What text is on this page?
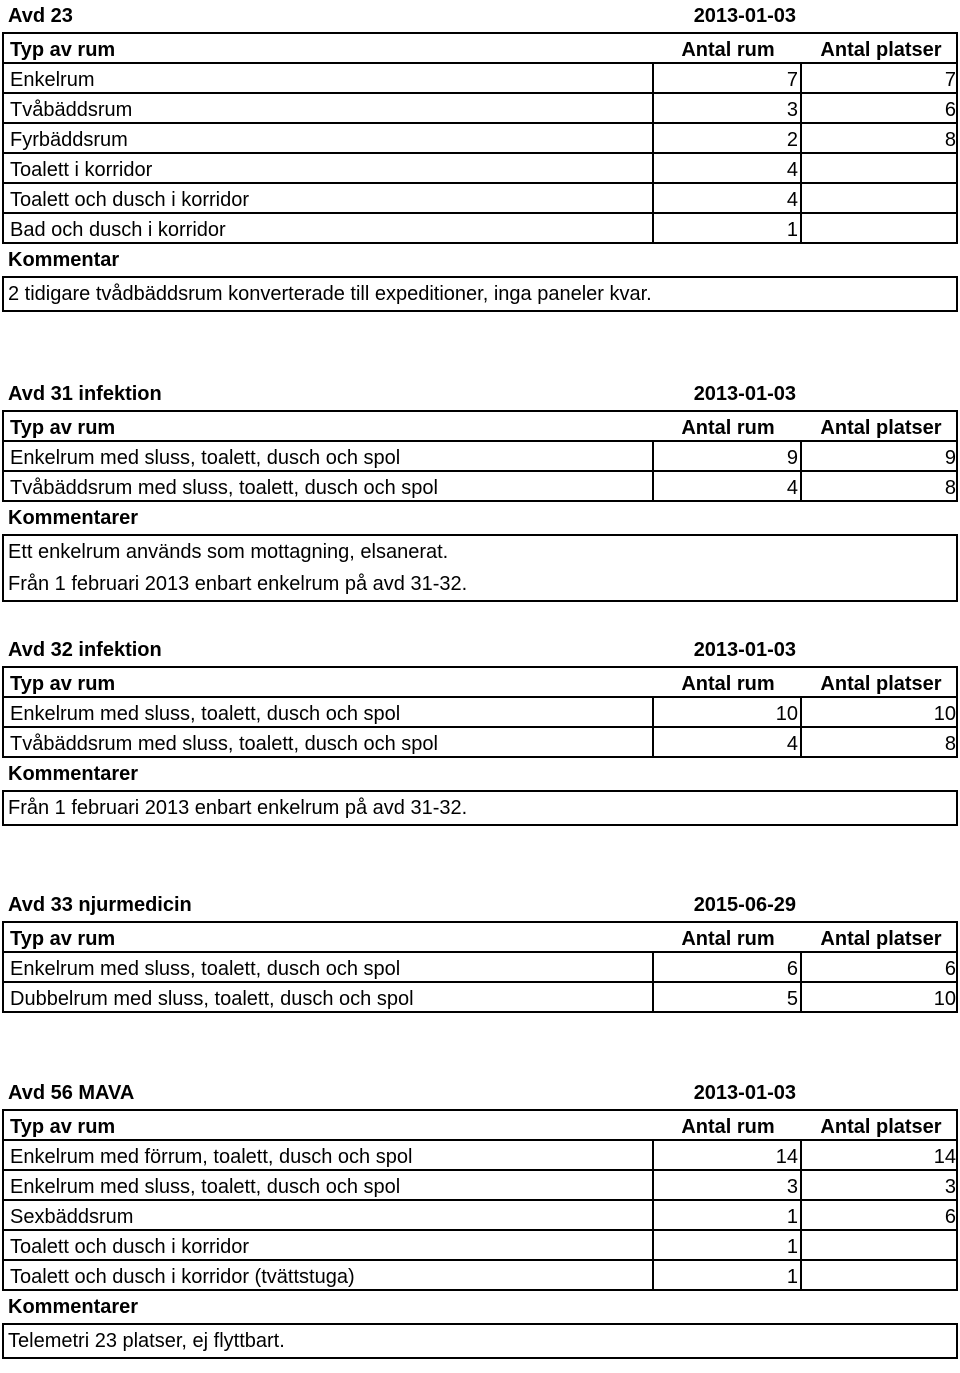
Avd 23	2013-01-03
Typ av rum	Antal rum	Antal platser
Enkelrum	7	7
Tvåbäddsrum	3	6
Fyrbäddsrum	2	8
Toalett i korridor	4
Toalett och dusch i korridor	4
Bad och dusch i korridor	1
Kommentar
2 tidigare tvådbäddsrum konverterade till expeditioner, inga paneler kvar.
Avd 31 infektion	2013-01-03
Typ av rum	Antal rum	Antal platser
Enkelrum med sluss, toalett, dusch och spol	9	9
Tvåbäddsrum med sluss, toalett, dusch och spol	4	8
Kommentarer
Ett enkelrum används som mottagning, elsanerat.
Från 1 februari 2013 enbart enkelrum på avd 31-32.
Avd 32 infektion	2013-01-03
Typ av rum	Antal rum	Antal platser
Enkelrum med sluss, toalett, dusch och spol	10	10
Tvåbäddsrum med sluss, toalett, dusch och spol	4	8
Kommentarer
Från 1 februari 2013 enbart enkelrum på avd 31-32.
Avd 33 njurmedicin	2015-06-29
Typ av rum	Antal rum	Antal platser
Enkelrum med sluss, toalett, dusch och spol	6	6
Dubbelrum med sluss, toalett, dusch och spol	5	10
Avd 56 MAVA	2013-01-03
Typ av rum	Antal rum	Antal platser
Enkelrum med förrum, toalett, dusch och spol	14	14
Enkelrum med sluss, toalett, dusch och spol	3	3
Sexbäddsrum	1	6
Toalett och dusch i korridor	1
Toalett och dusch i korridor (tvättstuga)	1
Kommentarer
Telemetri 23 platser, ej flyttbart.
